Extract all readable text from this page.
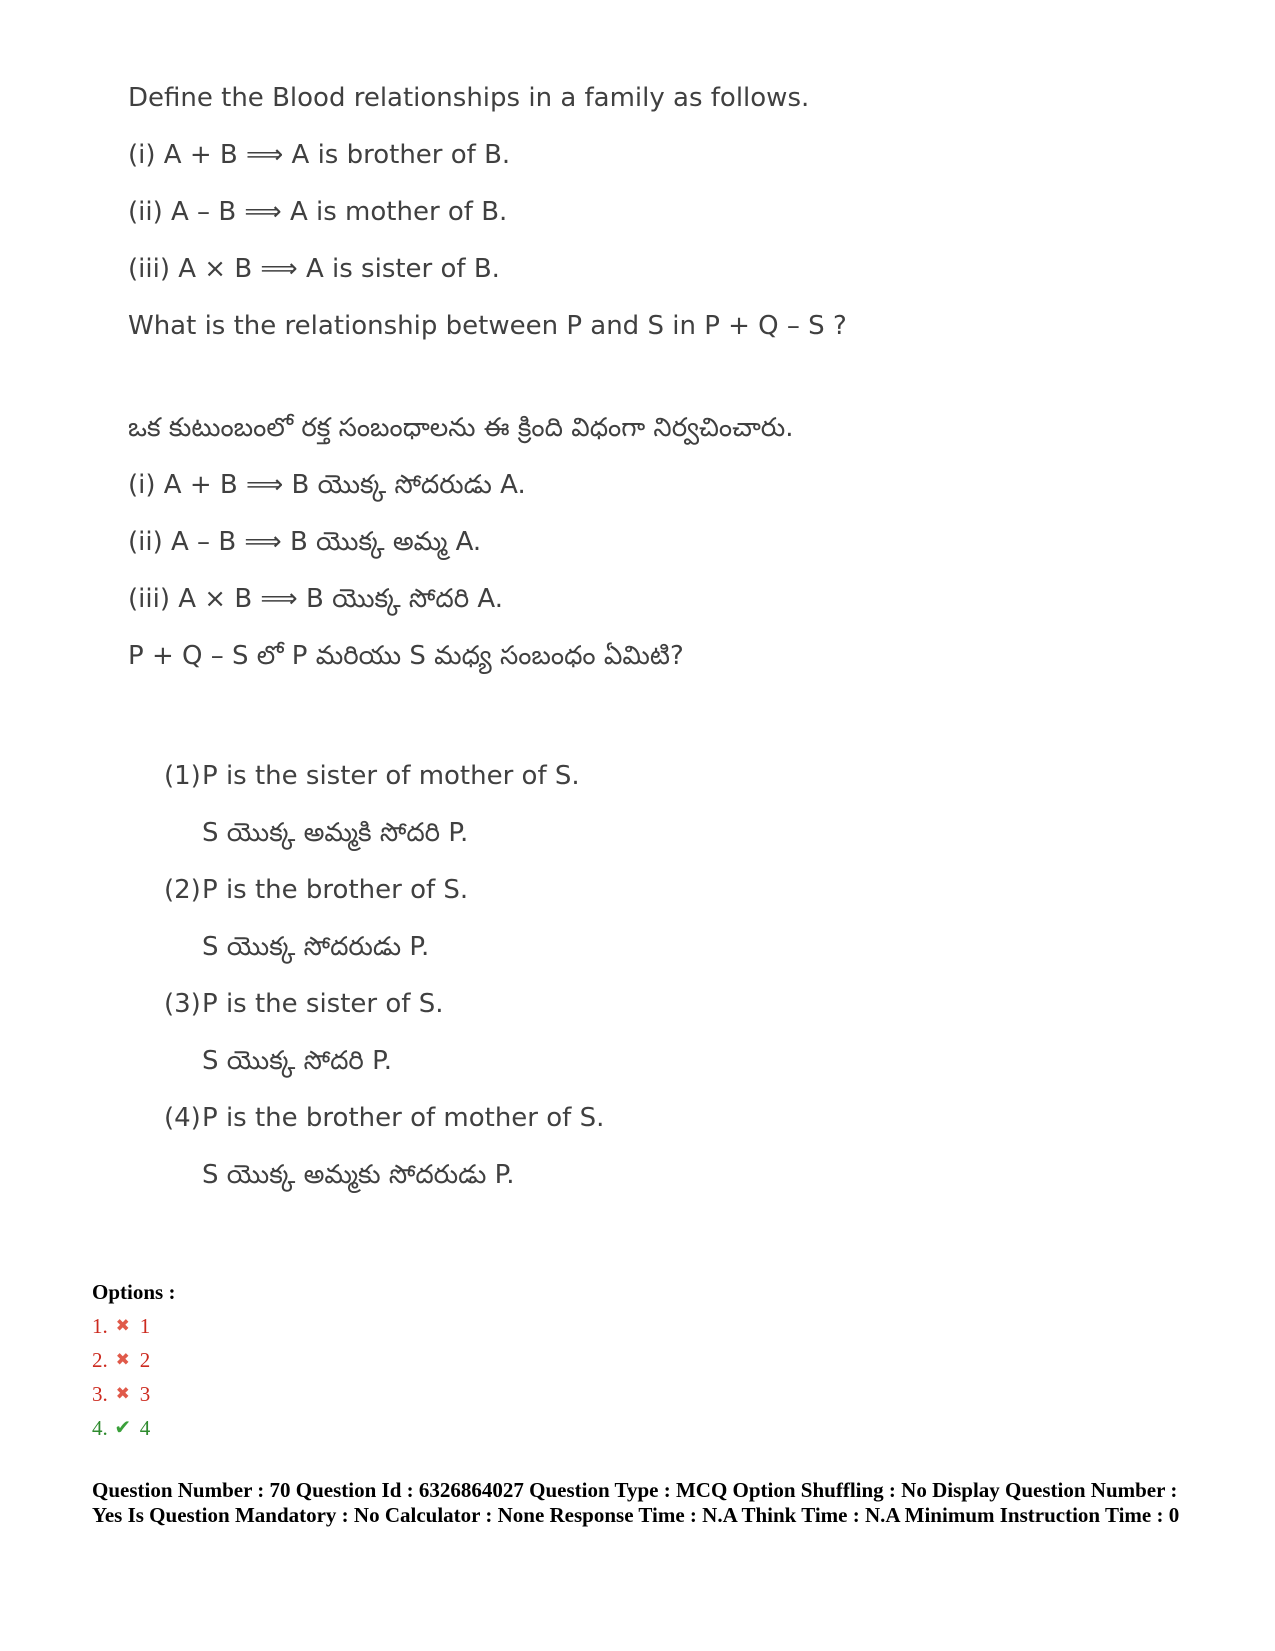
Define the Blood relationships in a family as follows.
(i) A + B ⟹ A is brother of B.
(ii) A – B ⟹ A is mother of B.
(iii) A × B ⟹ A is sister of B.
What is the relationship between P and S in P + Q – S ?
ఒక కుటుంబంలో రక్త సంబంధాలను ఈ క్రింది విధంగా నిర్వచించారు.
(i) A + B ⟹ B యొక్క సోదరుడు A.
(ii) A – B ⟹ B యొక్క అమ్మ A.
(iii) A × B ⟹ B యొక్క సోదరి A.
P + Q – S లో P మరియు S మధ్య సంబంధం ఏమిటి?
(1)P is the sister of mother of S.
S యొక్క అమ్మకి సోదరి P.
(2)P is the brother of S.
S యొక్క సోదరుడు P.
(3)P is the sister of S.
S యొక్క సోదరి P.
(4)P is the brother of mother of S.
S యొక్క అమ్మకు సోదరుడు P.
Options :
1. ✖ 1
2. ✖ 2
3. ✖ 3
4. ✔ 4
Question Number : 70 Question Id : 6326864027 Question Type : MCQ Option Shuffling : No Display Question Number : Yes Is Question Mandatory : No Calculator : None Response Time : N.A Think Time : N.A Minimum Instruction Time : 0
